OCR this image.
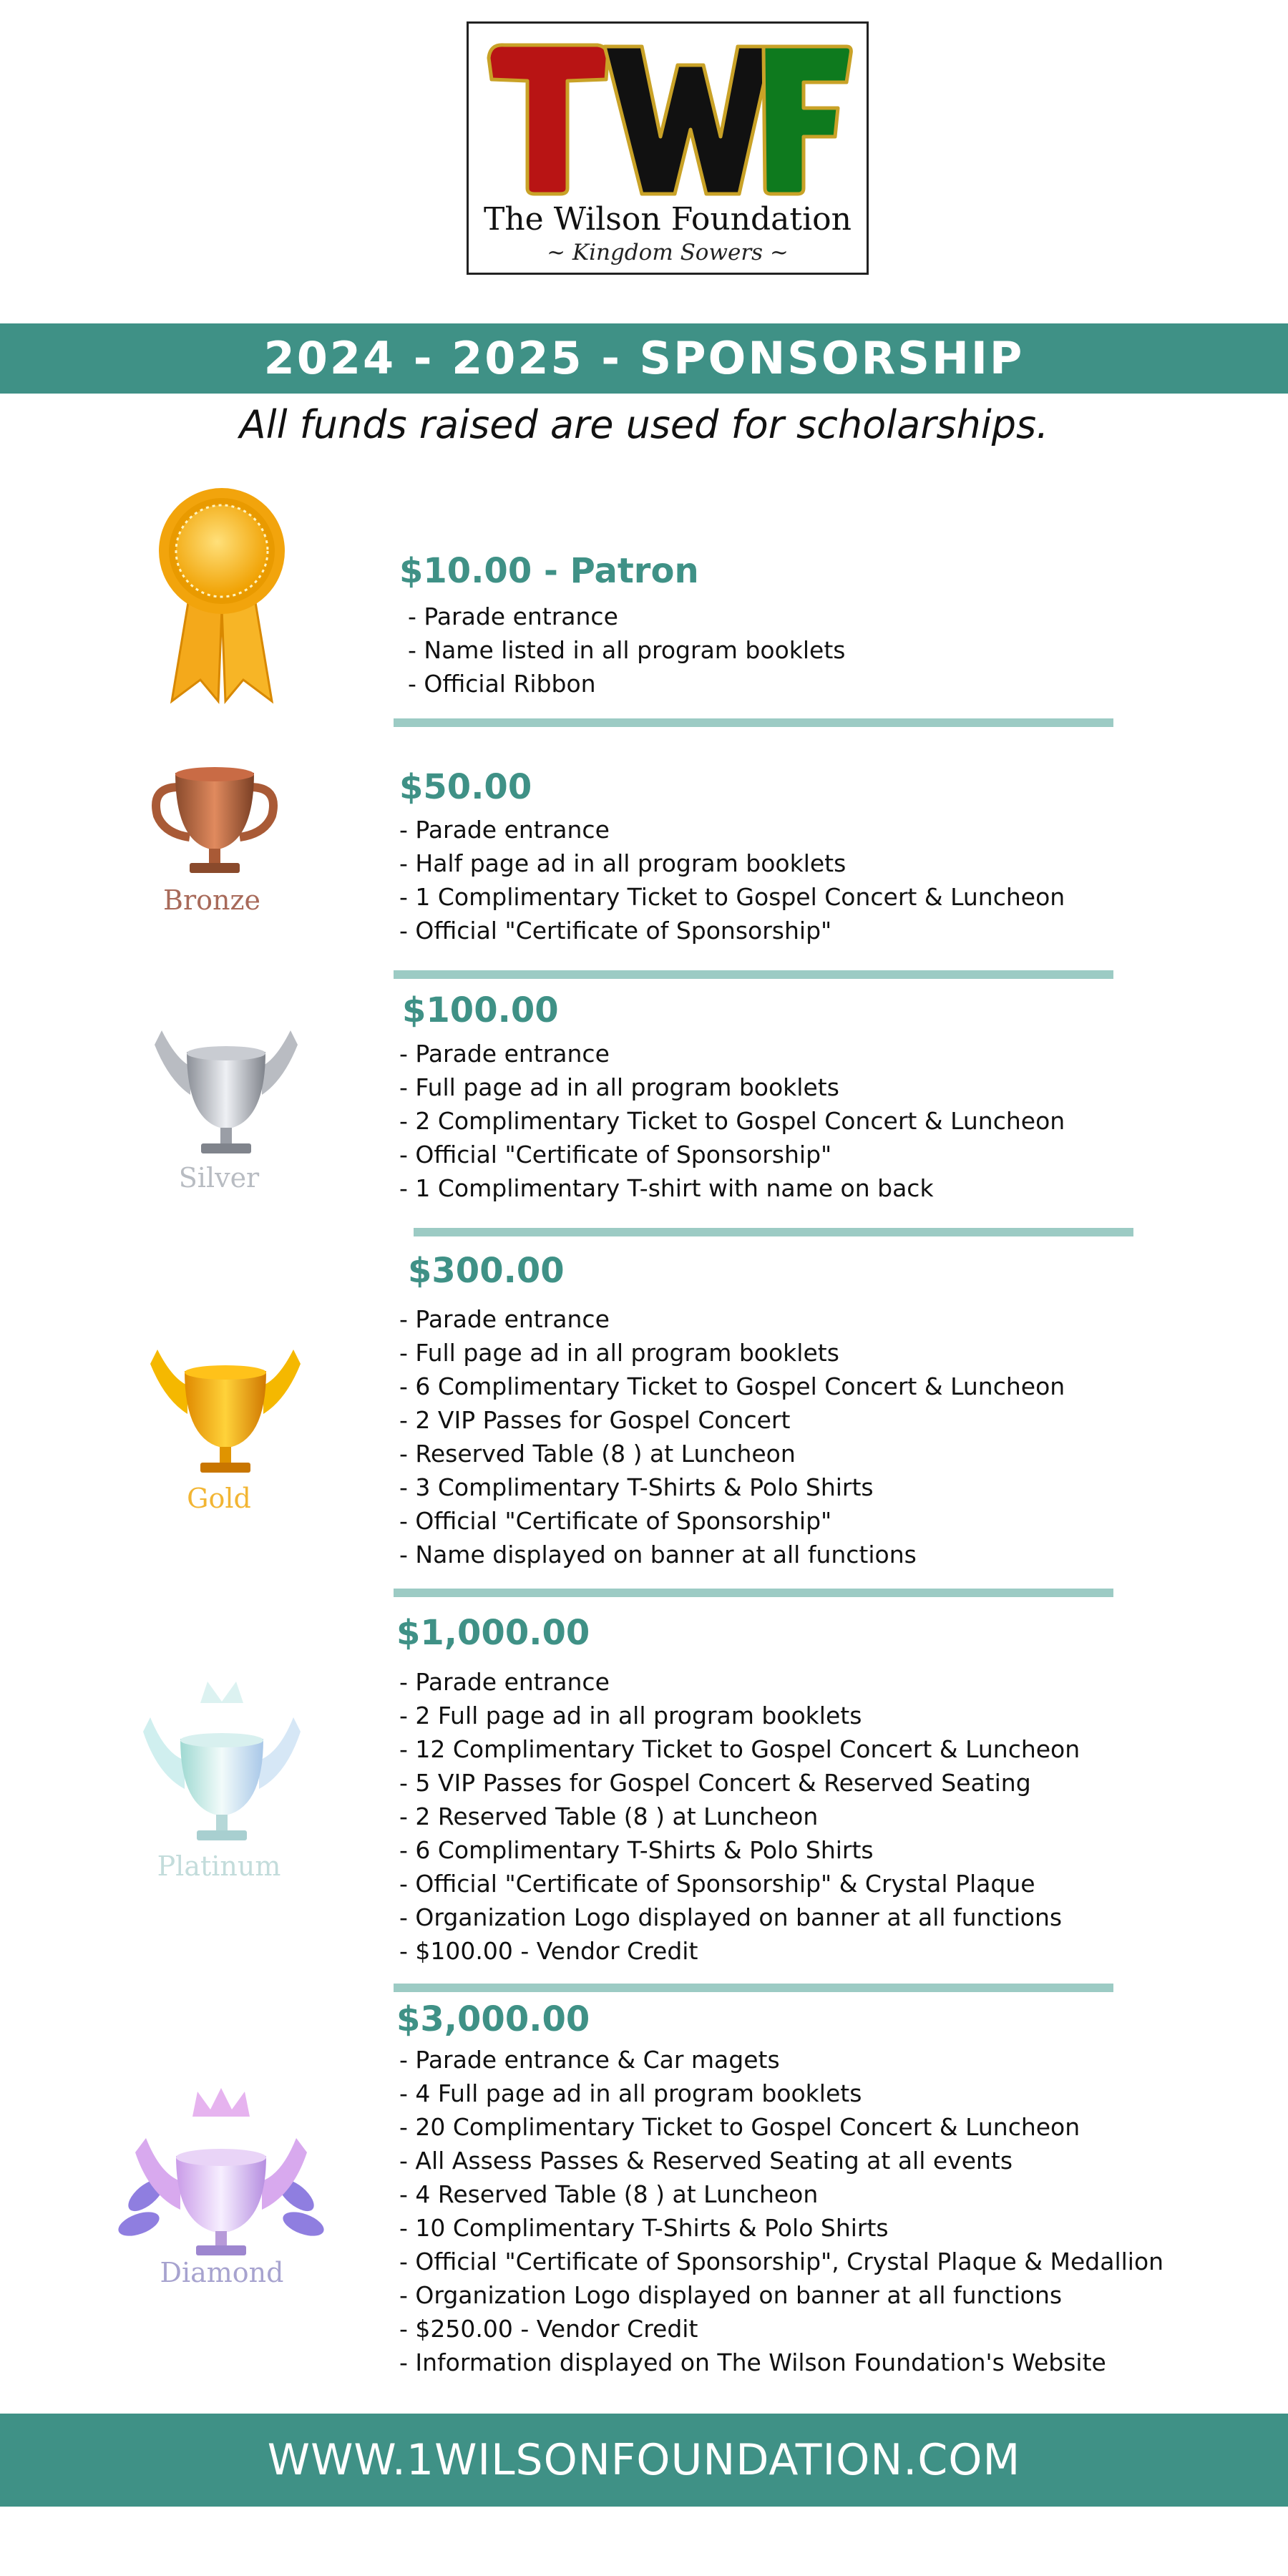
The Wilson Foundation
~ Kingdom Sowers ~
2024 - 2025 - SPONSORSHIP
All funds raised are used for scholarships.
$10.00 - Patron
- Parade entrance
- Name listed in all program booklets
- Official Ribbon
Bronze
$50.00
- Parade entrance
- Half page ad in all program booklets
- 1 Complimentary Ticket to Gospel Concert & Luncheon
- Official "Certificate of Sponsorship"
Silver
$100.00
- Parade entrance
- Full page ad in all program booklets
- 2 Complimentary Ticket to Gospel Concert & Luncheon
- Official "Certificate of Sponsorship"
- 1 Complimentary T-shirt with name on back
Gold
$300.00
- Parade entrance
- Full page ad in all program booklets
- 6 Complimentary Ticket to Gospel Concert & Luncheon
- 2 VIP Passes for Gospel Concert
- Reserved Table (8 ) at Luncheon
- 3 Complimentary T-Shirts & Polo Shirts
- Official "Certificate of Sponsorship"
- Name displayed on banner at all functions
Platinum
$1,000.00
- Parade entrance
- 2 Full page ad in all program booklets
- 12 Complimentary Ticket to Gospel Concert & Luncheon
- 5 VIP Passes for Gospel Concert & Reserved Seating
- 2 Reserved Table (8 ) at Luncheon
- 6 Complimentary T-Shirts & Polo Shirts
- Official "Certificate of Sponsorship" & Crystal Plaque
- Organization Logo displayed on banner at all functions
- $100.00 - Vendor Credit
Diamond
$3,000.00
- Parade entrance & Car magets
- 4 Full page ad in all program booklets
- 20 Complimentary Ticket to Gospel Concert & Luncheon
- All Assess Passes & Reserved Seating at all events
- 4 Reserved Table (8 ) at Luncheon
- 10 Complimentary T-Shirts & Polo Shirts
- Official "Certificate of Sponsorship", Crystal Plaque & Medallion
- Organization Logo displayed on banner at all functions
- $250.00 - Vendor Credit
- Information displayed on The Wilson Foundation's Website
WWW.1WILSONFOUNDATION.COM
